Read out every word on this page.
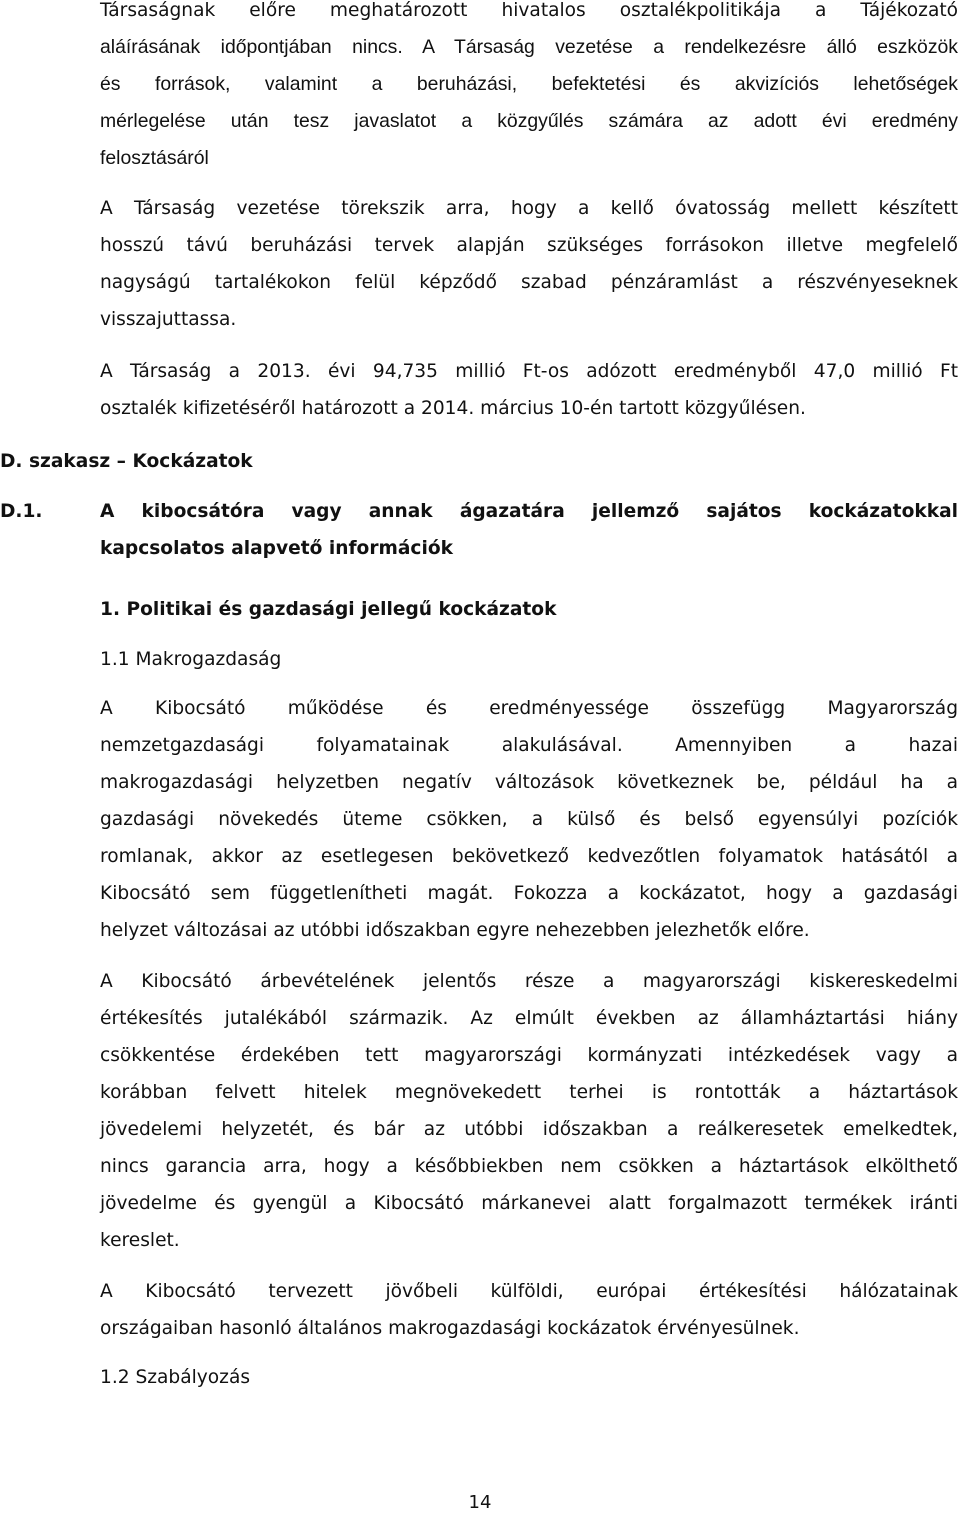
Társaságnak előre meghatározott hivatalos osztalékpolitikája a Tájékozató
aláírásának időpontjában nincs. A Társaság vezetése a rendelkezésre álló eszközök
és források, valamint a beruházási, befektetési és akvizíciós lehetőségek
mérlegelése után tesz javaslatot a közgyűlés számára az adott évi eredmény
felosztásáról
A Társaság vezetése törekszik arra, hogy a kellő óvatosság mellett készített
hosszú távú beruházási tervek alapján szükséges forrásokon illetve megfelelő
nagyságú tartalékokon felül képződő szabad pénzáramlást a részvényeseknek
visszajuttassa.
A Társaság a 2013. évi 94,735 millió Ft-os adózott eredményből 47,0 millió Ft
osztalék kifizetéséről határozott a 2014. március 10-én tartott közgyűlésen.
D. szakasz – Kockázatok
D.1.	A kibocsátóra vagy annak ágazatára jellemző sajátos kockázatokkal
kapcsolatos alapvető információk
1. Politikai és gazdasági jellegű kockázatok
1.1 Makrogazdaság
A Kibocsátó működése és eredményessége összefügg Magyarország
nemzetgazdasági folyamatainak alakulásával. Amennyiben a hazai
makrogazdasági helyzetben negatív változások következnek be, például ha a
gazdasági növekedés üteme csökken, a külső és belső egyensúlyi pozíciók
romlanak, akkor az esetlegesen bekövetkező kedvezőtlen folyamatok hatásától a
Kibocsátó sem függetlenítheti magát. Fokozza a kockázatot, hogy a gazdasági
helyzet változásai az utóbbi időszakban egyre nehezebben jelezhetők előre.
A Kibocsátó árbevételének jelentős része a magyarországi kiskereskedelmi
értékesítés jutalékából származik. Az elmúlt években az államháztartási hiány
csökkentése érdekében tett magyarországi kormányzati intézkedések vagy a
korábban felvett hitelek megnövekedett terhei is rontották a háztartások
jövedelemi helyzetét, és bár az utóbbi időszakban a reálkeresetek emelkedtek,
nincs garancia arra, hogy a későbbiekben nem csökken a háztartások elkölthető
jövedelme és gyengül a Kibocsátó márkanevei alatt forgalmazott termékek iránti
kereslet.
A Kibocsátó tervezett jövőbeli külföldi, európai értékesítési hálózatainak
országaiban hasonló általános makrogazdasági kockázatok érvényesülnek.
1.2 Szabályozás
14
